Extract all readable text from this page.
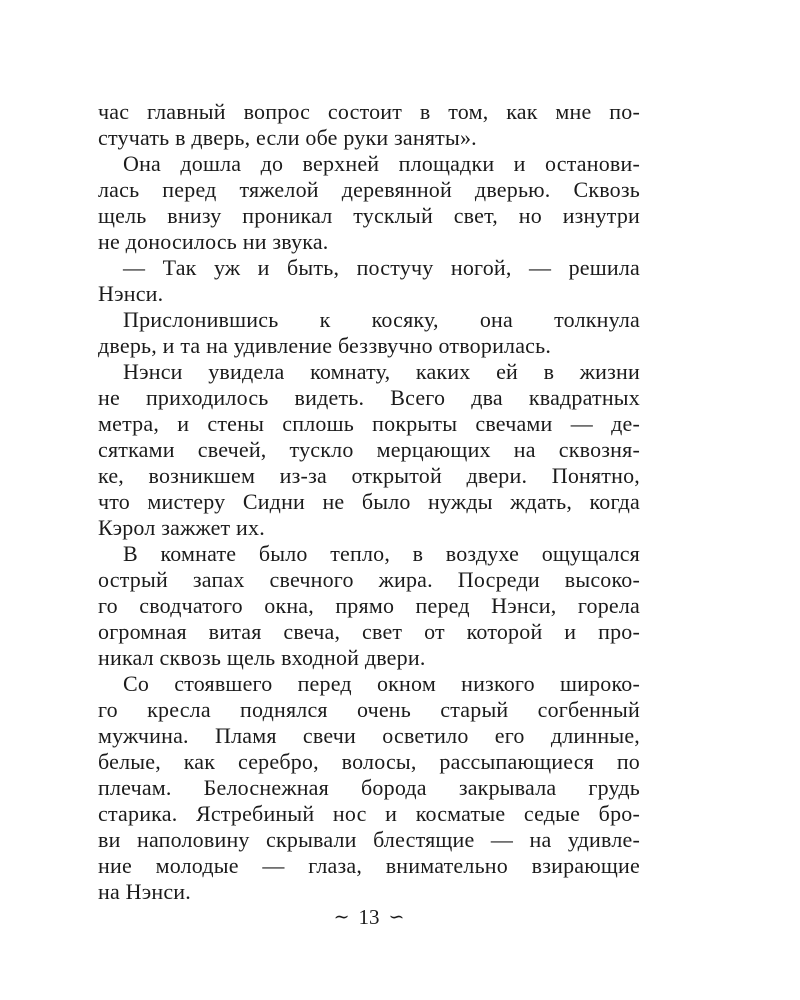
час главный вопрос состоит в том, как мне по-
стучать в дверь, если обе руки заняты».
Она дошла до верхней площадки и останови-
лась перед тяжелой деревянной дверью. Сквозь
щель внизу проникал тусклый свет, но изнутри
не доносилось ни звука.
— Так уж и быть, постучу ногой, — решила
Нэнси.
Прислонившись к косяку, она толкнула
дверь, и та на удивление беззвучно отворилась.
Нэнси увидела комнату, каких ей в жизни
не приходилось видеть. Всего два квадратных
метра, и стены сплошь покрыты свечами — де-
сятками свечей, тускло мерцающих на сквозня-
ке, возникшем из-за открытой двери. Понятно,
что мистеру Сидни не было нужды ждать, когда
Кэрол зажжет их.
В комнате было тепло, в воздухе ощущался
острый запах свечного жира. Посреди высоко-
го сводчатого окна, прямо перед Нэнси, горела
огромная витая свеча, свет от которой и про-
никал сквозь щель входной двери.
Со стоявшего перед окном низкого широко-
го кресла поднялся очень старый согбенный
мужчина. Пламя свечи осветило его длинные,
белые, как серебро, волосы, рассыпающиеся по
плечам. Белоснежная борода закрывала грудь
старика. Ястребиный нос и косматые седые бро-
ви наполовину скрывали блестящие — на удивле-
ние молодые — глаза, внимательно взирающие
на Нэнси.
∼ 13 ∽
